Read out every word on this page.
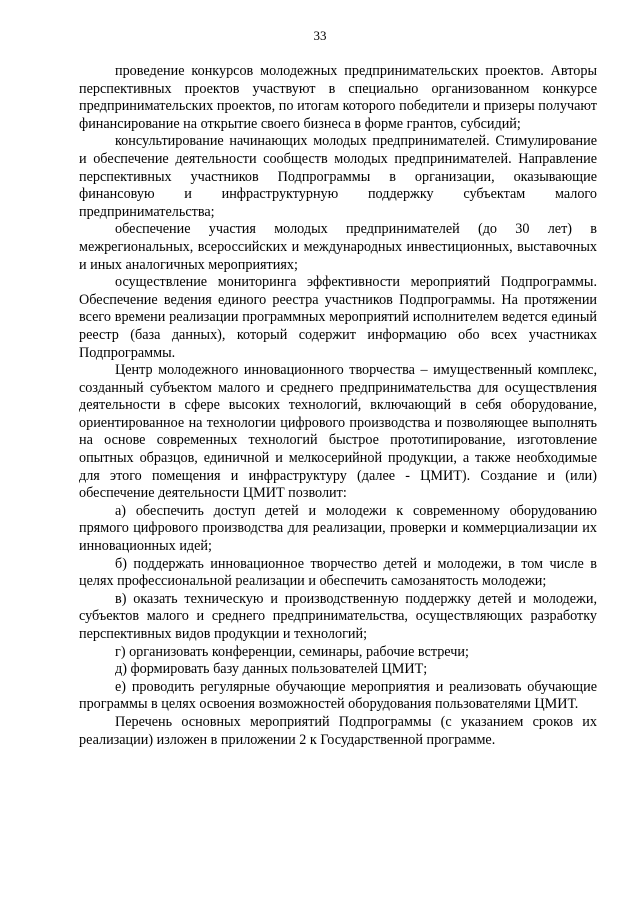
33

проведение конкурсов молодежных предпринимательских проектов. Авторы перспективных проектов участвуют в специально организованном конкурсе предпринимательских проектов, по итогам которого победители и призеры получают финансирование на открытие своего бизнеса в форме грантов, субсидий;

консультирование начинающих молодых предпринимателей. Стимулирование и обеспечение деятельности сообществ молодых предпринимателей. Направление перспективных участников Подпрограммы в организации, оказывающие финансовую и инфраструктурную поддержку субъектам малого предпринимательства;

обеспечение участия молодых предпринимателей (до 30 лет) в межрегиональных, всероссийских и международных инвестиционных, выставочных и иных аналогичных мероприятиях;

осуществление мониторинга эффективности мероприятий Подпрограммы. Обеспечение ведения единого реестра участников Подпрограммы. На протяжении всего времени реализации программных мероприятий исполнителем ведется единый реестр (база данных), который содержит информацию обо всех участниках Подпрограммы.

Центр молодежного инновационного творчества – имущественный комплекс, созданный субъектом малого и среднего предпринимательства для осуществления деятельности в сфере высоких технологий, включающий в себя оборудование, ориентированное на технологии цифрового производства и позволяющее выполнять на основе современных технологий быстрое прототипирование, изготовление опытных образцов, единичной и мелкосерийной продукции, а также необходимые для этого помещения и инфраструктуру (далее - ЦМИТ). Создание и (или) обеспечение деятельности ЦМИТ позволит:

а) обеспечить доступ детей и молодежи к современному оборудованию прямого цифрового производства для реализации, проверки и коммерциализации их инновационных идей;

б) поддержать инновационное творчество детей и молодежи, в том числе в целях профессиональной реализации и обеспечить самозанятость молодежи;

в) оказать техническую и производственную поддержку детей и молодежи, субъектов малого и среднего предпринимательства, осуществляющих разработку перспективных видов продукции и технологий;

г) организовать конференции, семинары, рабочие встречи;

д) формировать базу данных пользователей ЦМИТ;

е) проводить регулярные обучающие мероприятия и реализовать обучающие программы в целях освоения возможностей оборудования пользователями ЦМИТ.

Перечень основных мероприятий Подпрограммы (с указанием сроков их реализации) изложен в приложении 2 к Государственной программе.
